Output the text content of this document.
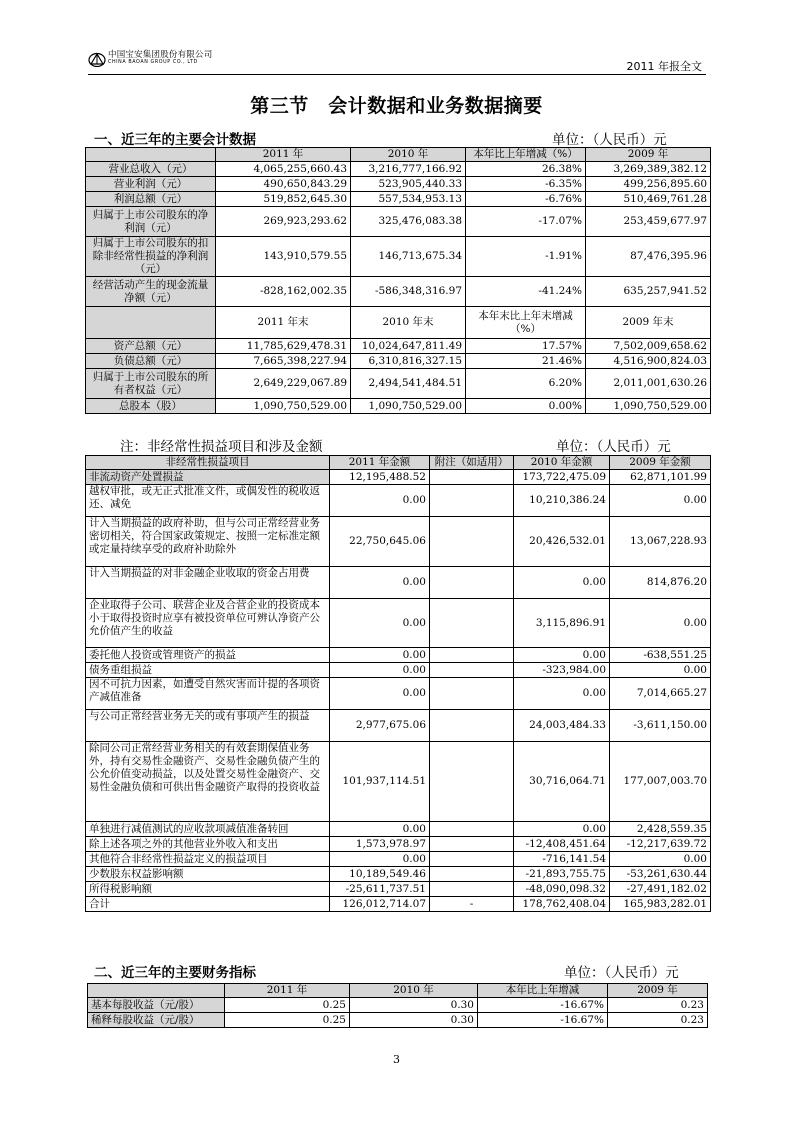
中国宝安集团股份有限公司
CHINA BAOAN GROUP CO., LTD	2011 年报全文
第三节　会计数据和业务数据摘要
一、近三年的主要会计数据	单位：（人民币）元
	2011 年	2010 年	本年比上年增减（%）	2009 年
营业总收入（元）	4,065,255,660.43	3,216,777,166.92	26.38%	3,269,389,382.12
营业利润（元）	490,650,843.29	523,905,440.33	-6.35%	499,256,895.60
利润总额（元）	519,852,645.30	557,534,953.13	-6.76%	510,469,761.28
归属于上市公司股东的净利润（元）	269,923,293.62	325,476,083.38	-17.07%	253,459,677.97
归属于上市公司股东的扣除非经常性损益的净利润（元）	143,910,579.55	146,713,675.34	-1.91%	87,476,395.96
经营活动产生的现金流量净额（元）	-828,162,002.35	-586,348,316.97	-41.24%	635,257,941.52
	2011 年末	2010 年末	本年末比上年末增减（%）	2009 年末
资产总额（元）	11,785,629,478.31	10,024,647,811.49	17.57%	7,502,009,658.62
负债总额（元）	7,665,398,227.94	6,310,816,327.15	21.46%	4,516,900,824.03
归属于上市公司股东的所有者权益（元）	2,649,229,067.89	2,494,541,484.51	6.20%	2,011,001,630.26
总股本（股）	1,090,750,529.00	1,090,750,529.00	0.00%	1,090,750,529.00
注：非经常性损益项目和涉及金额	单位：（人民币）元
非经常性损益项目	2011 年金额	附注（如适用）	2010 年金额	2009 年金额
非流动资产处置损益	12,195,488.52		173,722,475.09	62,871,101.99
越权审批，或无正式批准文件，或偶发性的税收返还、减免	0.00		10,210,386.24	0.00
计入当期损益的政府补助，但与公司正常经营业务密切相关，符合国家政策规定、按照一定标准定额或定量持续享受的政府补助除外	22,750,645.06		20,426,532.01	13,067,228.93
计入当期损益的对非金融企业收取的资金占用费	0.00		0.00	814,876.20
企业取得子公司、联营企业及合营企业的投资成本小于取得投资时应享有被投资单位可辨认净资产公允价值产生的收益	0.00		3,115,896.91	0.00
委托他人投资或管理资产的损益	0.00		0.00	-638,551.25
债务重组损益	0.00		-323,984.00	0.00
因不可抗力因素，如遭受自然灾害而计提的各项资产减值准备	0.00		0.00	7,014,665.27
与公司正常经营业务无关的或有事项产生的损益	2,977,675.06		24,003,484.33	-3,611,150.00
除同公司正常经营业务相关的有效套期保值业务外，持有交易性金融资产、交易性金融负债产生的公允价值变动损益，以及处置交易性金融资产、交易性金融负债和可供出售金融资产取得的投资收益	101,937,114.51		30,716,064.71	177,007,003.70
单独进行减值测试的应收款项减值准备转回	0.00		0.00	2,428,559.35
除上述各项之外的其他营业外收入和支出	1,573,978.97		-12,408,451.64	-12,217,639.72
其他符合非经常性损益定义的损益项目	0.00		-716,141.54	0.00
少数股东权益影响额	10,189,549.46		-21,893,755.75	-53,261,630.44
所得税影响额	-25,611,737.51		-48,090,098.32	-27,491,182.02
合计	126,012,714.07	-	178,762,408.04	165,983,282.01
二、近三年的主要财务指标	单位：（人民币）元
	2011 年	2010 年	本年比上年增减	2009 年
基本每股收益（元/股）	0.25	0.30	-16.67%	0.23
稀释每股收益（元/股）	0.25	0.30	-16.67%	0.23
3
